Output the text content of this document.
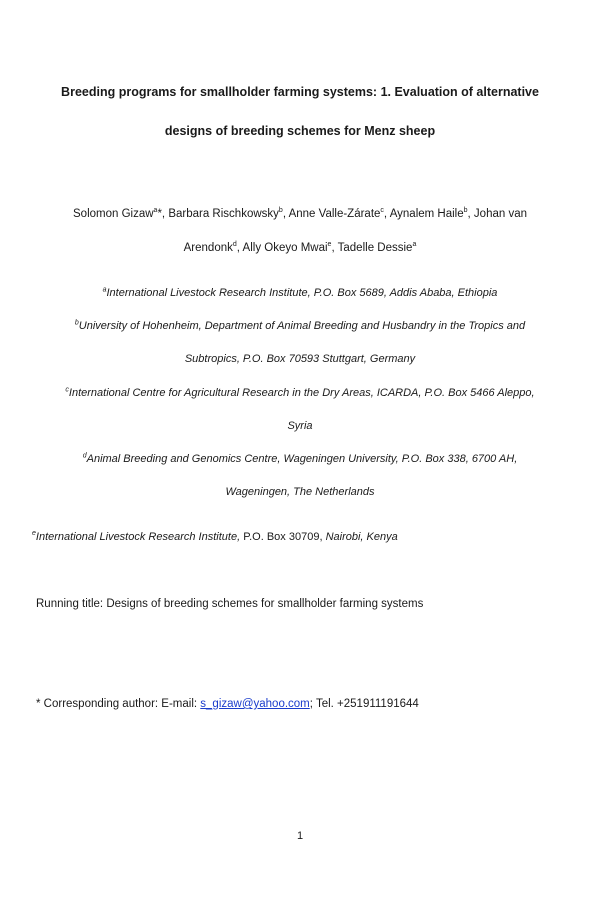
Breeding programs for smallholder farming systems: 1. Evaluation of alternative
designs of breeding schemes for Menz sheep
Solomon Gizaw$^a$*, Barbara Rischkowsky$^b$, Anne Valle-Zárate$^c$, Aynalem Haile$^b$, Johan van
Arendonk$^d$, Ally Okeyo Mwai$^e$, Tadelle Dessie$^a$
$^a$International Livestock Research Institute, P.O. Box 5689, Addis Ababa, Ethiopia
$^b$University of Hohenheim, Department of Animal Breeding and Husbandry in the Tropics and
Subtropics, P.O. Box 70593 Stuttgart, Germany
$^c$International Centre for Agricultural Research in the Dry Areas, ICARDA, P.O. Box 5466 Aleppo,
Syria
$^d$Animal Breeding and Genomics Centre, Wageningen University, P.O. Box 338, 6700 AH,
Wageningen, The Netherlands
$^e$International Livestock Research Institute, P.O. Box 30709, Nairobi, Kenya
Running title: Designs of breeding schemes for smallholder farming systems
* Corresponding author: E-mail: s_gizaw@yahoo.com; Tel. +251911191644
1
